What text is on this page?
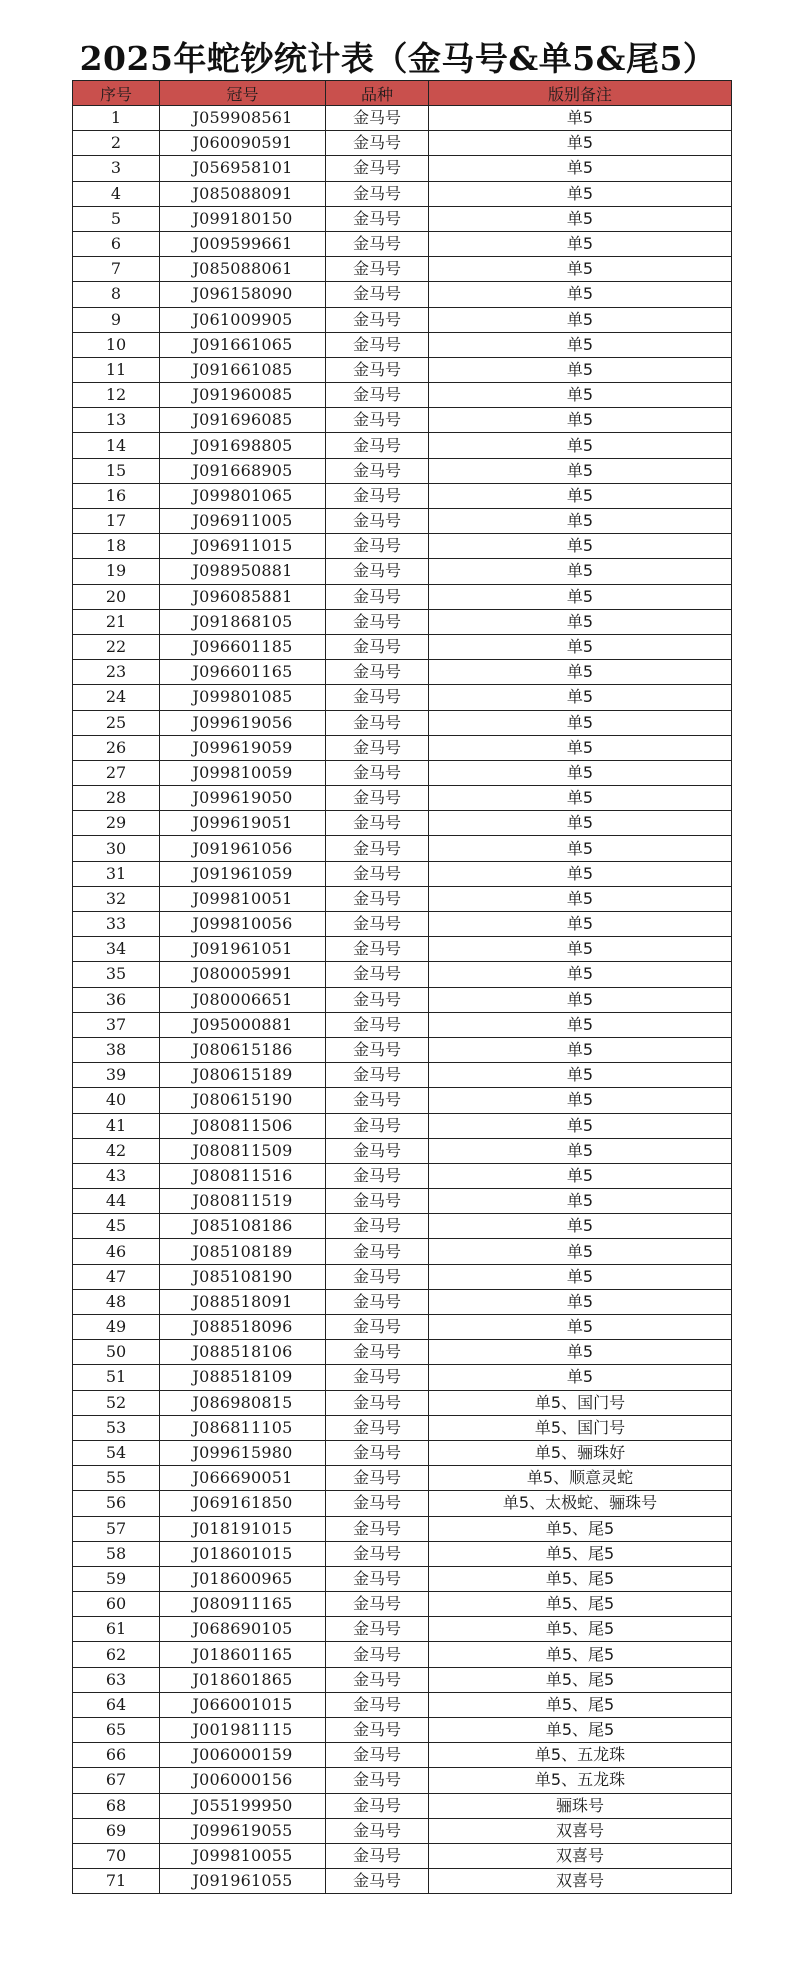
2025年蛇钞统计表（金马号&单5&尾5）
序号	冠号	品种	版别备注
1	J059908561	金马号	单5
2	J060090591	金马号	单5
3	J056958101	金马号	单5
4	J085088091	金马号	单5
5	J099180150	金马号	单5
6	J009599661	金马号	单5
7	J085088061	金马号	单5
8	J096158090	金马号	单5
9	J061009905	金马号	单5
10	J091661065	金马号	单5
11	J091661085	金马号	单5
12	J091960085	金马号	单5
13	J091696085	金马号	单5
14	J091698805	金马号	单5
15	J091668905	金马号	单5
16	J099801065	金马号	单5
17	J096911005	金马号	单5
18	J096911015	金马号	单5
19	J098950881	金马号	单5
20	J096085881	金马号	单5
21	J091868105	金马号	单5
22	J096601185	金马号	单5
23	J096601165	金马号	单5
24	J099801085	金马号	单5
25	J099619056	金马号	单5
26	J099619059	金马号	单5
27	J099810059	金马号	单5
28	J099619050	金马号	单5
29	J099619051	金马号	单5
30	J091961056	金马号	单5
31	J091961059	金马号	单5
32	J099810051	金马号	单5
33	J099810056	金马号	单5
34	J091961051	金马号	单5
35	J080005991	金马号	单5
36	J080006651	金马号	单5
37	J095000881	金马号	单5
38	J080615186	金马号	单5
39	J080615189	金马号	单5
40	J080615190	金马号	单5
41	J080811506	金马号	单5
42	J080811509	金马号	单5
43	J080811516	金马号	单5
44	J080811519	金马号	单5
45	J085108186	金马号	单5
46	J085108189	金马号	单5
47	J085108190	金马号	单5
48	J088518091	金马号	单5
49	J088518096	金马号	单5
50	J088518106	金马号	单5
51	J088518109	金马号	单5
52	J086980815	金马号	单5、国门号
53	J086811105	金马号	单5、国门号
54	J099615980	金马号	单5、骊珠好
55	J066690051	金马号	单5、顺意灵蛇
56	J069161850	金马号	单5、太极蛇、骊珠号
57	J018191015	金马号	单5、尾5
58	J018601015	金马号	单5、尾5
59	J018600965	金马号	单5、尾5
60	J080911165	金马号	单5、尾5
61	J068690105	金马号	单5、尾5
62	J018601165	金马号	单5、尾5
63	J018601865	金马号	单5、尾5
64	J066001015	金马号	单5、尾5
65	J001981115	金马号	单5、尾5
66	J006000159	金马号	单5、五龙珠
67	J006000156	金马号	单5、五龙珠
68	J055199950	金马号	骊珠号
69	J099619055	金马号	双喜号
70	J099810055	金马号	双喜号
71	J091961055	金马号	双喜号
